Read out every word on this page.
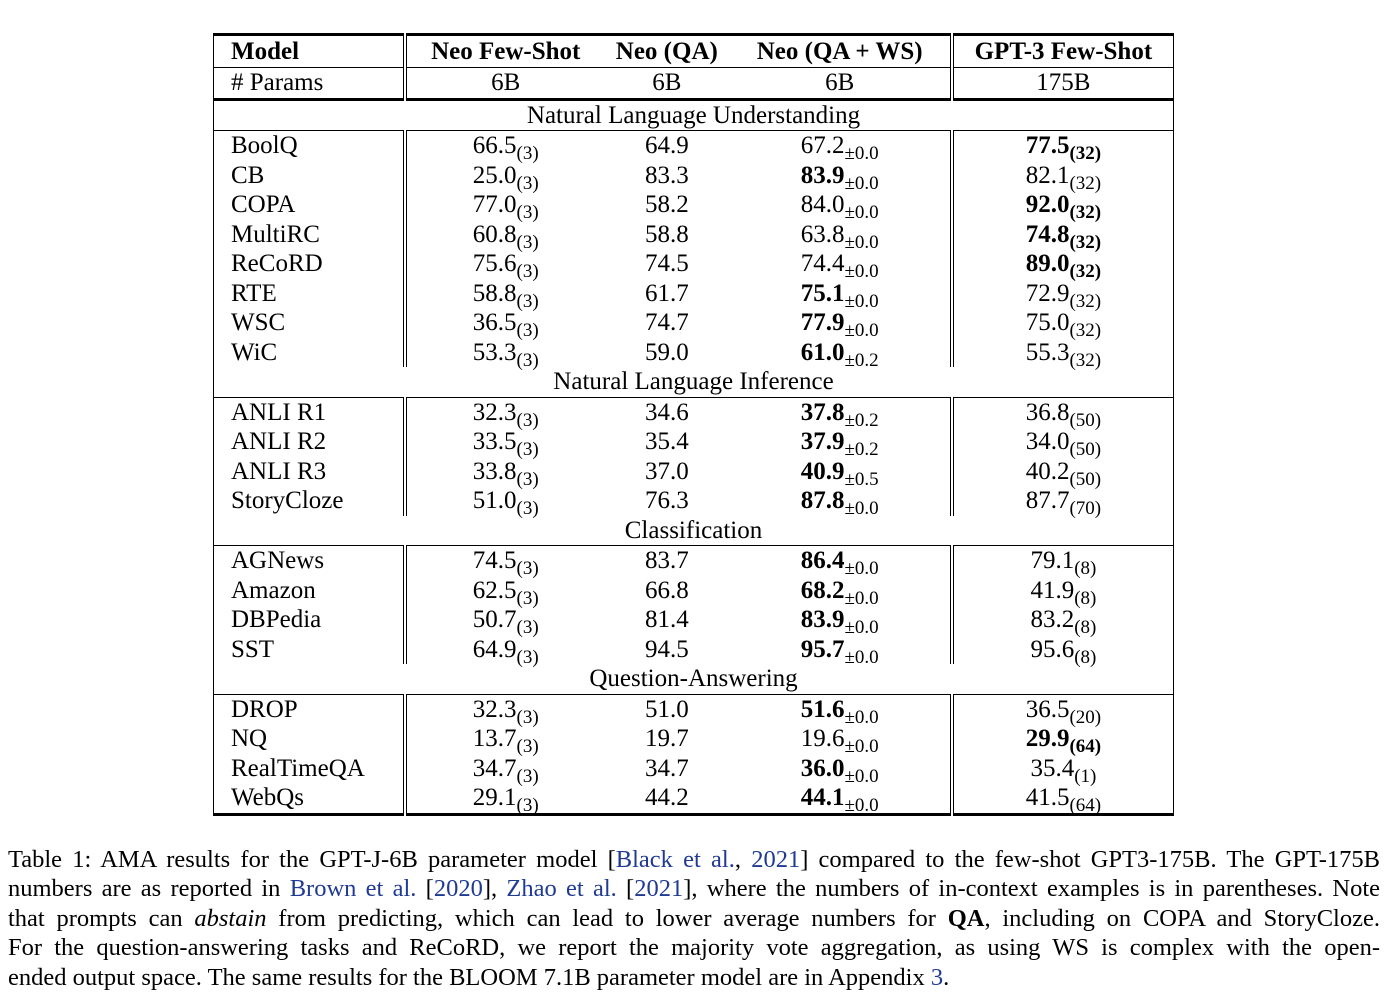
Model	Neo Few-Shot	Neo (QA)	Neo (QA + WS)	GPT-3 Few-Shot
# Params	6B	6B	6B	175B
Natural Language Understanding				
BoolQ	$66.5_{(3)}$	64.9	$67.2_{\pm 0.0}$	$77.5_{(32)}$
CB	$25.0_{(3)}$	83.3	$83.9_{\pm 0.0}$	$82.1_{(32)}$
COPA	$77.0_{(3)}$	58.2	$84.0_{\pm 0.0}$	$92.0_{(32)}$
MultiRC	$60.8_{(3)}$	58.8	$63.8_{\pm 0.0}$	$74.8_{(32)}$
ReCoRD	$75.6_{(3)}$	74.5	$74.4_{\pm 0.0}$	$89.0_{(32)}$
RTE	$58.8_{(3)}$	61.7	$75.1_{\pm 0.0}$	$72.9_{(32)}$
WSC	$36.5_{(3)}$	74.7	$77.9_{\pm 0.0}$	$75.0_{(32)}$
WiC	$53.3_{(3)}$	59.0	$61.0_{\pm 0.2}$	$55.3_{(32)}$
Natural Language Inference				
ANLI R1	$32.3_{(3)}$	34.6	$37.8_{\pm 0.2}$	$36.8_{(50)}$
ANLI R2	$33.5_{(3)}$	35.4	$37.9_{\pm 0.2}$	$34.0_{(50)}$
ANLI R3	$33.8_{(3)}$	37.0	$40.9_{\pm 0.5}$	$40.2_{(50)}$
StoryCloze	$51.0_{(3)}$	76.3	$87.8_{\pm 0.0}$	$87.7_{(70)}$
Classification				
AGNews	$74.5_{(3)}$	83.7	$86.4_{\pm 0.0}$	$79.1_{(8)}$
Amazon	$62.5_{(3)}$	66.8	$68.2_{\pm 0.0}$	$41.9_{(8)}$
DBPedia	$50.7_{(3)}$	81.4	$83.9_{\pm 0.0}$	$83.2_{(8)}$
SST	$64.9_{(3)}$	94.5	$95.7_{\pm 0.0}$	$95.6_{(8)}$
Question-Answering				
DROP	$32.3_{(3)}$	51.0	$51.6_{\pm 0.0}$	$36.5_{(20)}$
NQ	$13.7_{(3)}$	19.7	$19.6_{\pm 0.0}$	$29.9_{(64)}$
RealTimeQA	$34.7_{(3)}$	34.7	$36.0_{\pm 0.0}$	$35.4_{(1)}$
WebQs	$29.1_{(3)}$	44.2	$44.1_{\pm 0.0}$	$41.5_{(64)}$
Table 1: AMA results for the GPT-J-6B parameter model [Black et al., 2021] compared to the few-shot GPT3-175B. The GPT-175B
numbers are as reported in Brown et al. [2020], Zhao et al. [2021], where the numbers of in-context examples is in parentheses. Note
that prompts can abstain from predicting, which can lead to lower average numbers for QA, including on COPA and StoryCloze.
For the question-answering tasks and ReCoRD, we report the majority vote aggregation, as using WS is complex with the open-
ended output space. The same results for the BLOOM 7.1B parameter model are in Appendix 3.
